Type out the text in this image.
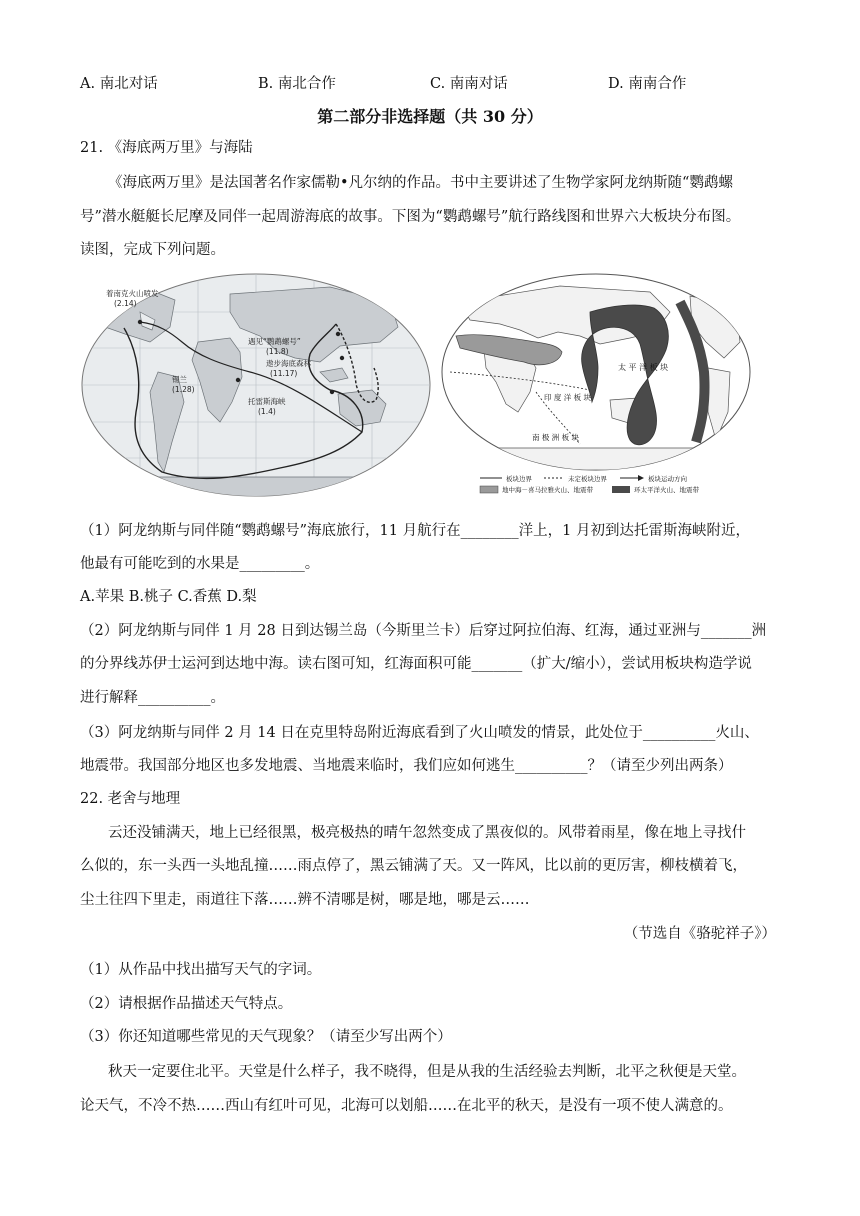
A. 南北对话	B. 南北合作	C. 南南对话	D. 南南合作
第二部分非选择题（共 30 分）
21. 《海底两万里》与海陆
《海底两万里》是法国著名作家儒勒•凡尔纳的作品。书中主要讲述了生物学家阿龙纳斯随“鹦鹉螺
号”潜水艇艇长尼摩及同伴一起周游海底的故事。下图为“鹦鹉螺号”航行路线图和世界六大板块分布图。
读图，完成下列问题。
着南克火山喷发
(2.14)
遇见“鹦鹉螺号”
(11.8)
遨步海底森林
(11.17)
锡兰
(1.28)
托雷斯海峡
(1.4)
太 平 洋 板 块
印 度 洋 板 块
南 极 洲 板 块
板块边界	未定板块边界	板块运动方向
地中海－喜马拉雅火山、地震带	环太平洋火山、地震带
（1）阿龙纳斯与同伴随“鹦鹉螺号”海底旅行，11 月航行在________洋上，1 月初到达托雷斯海峡附近，
他最有可能吃到的水果是_________。
A.苹果 B.桃子 C.香蕉 D.梨
（2）阿龙纳斯与同伴 1 月 28 日到达锡兰岛（今斯里兰卡）后穿过阿拉伯海、红海，通过亚洲与_______洲
的分界线苏伊士运河到达地中海。读右图可知，红海面积可能_______（扩大/缩小），尝试用板块构造学说
进行解释__________。
（3）阿龙纳斯与同伴 2 月 14 日在克里特岛附近海底看到了火山喷发的情景，此处位于__________火山、
地震带。我国部分地区也多发地震、当地震来临时，我们应如何逃生__________？（请至少列出两条）
22. 老舍与地理
云还没铺满天，地上已经很黑，极亮极热的晴午忽然变成了黑夜似的。风带着雨星，像在地上寻找什
么似的，东一头西一头地乱撞……雨点停了，黑云铺满了天。又一阵风，比以前的更厉害，柳枝横着飞，
尘土往四下里走，雨道往下落……辨不清哪是树，哪是地，哪是云……
（节选自《骆驼祥子》）
（1）从作品中找出描写天气的字词。
（2）请根据作品描述天气特点。
（3）你还知道哪些常见的天气现象？（请至少写出两个）
秋天一定要住北平。天堂是什么样子，我不晓得，但是从我的生活经验去判断，北平之秋便是天堂。
论天气，不冷不热……西山有红叶可见，北海可以划船……在北平的秋天，是没有一项不使人满意的。
